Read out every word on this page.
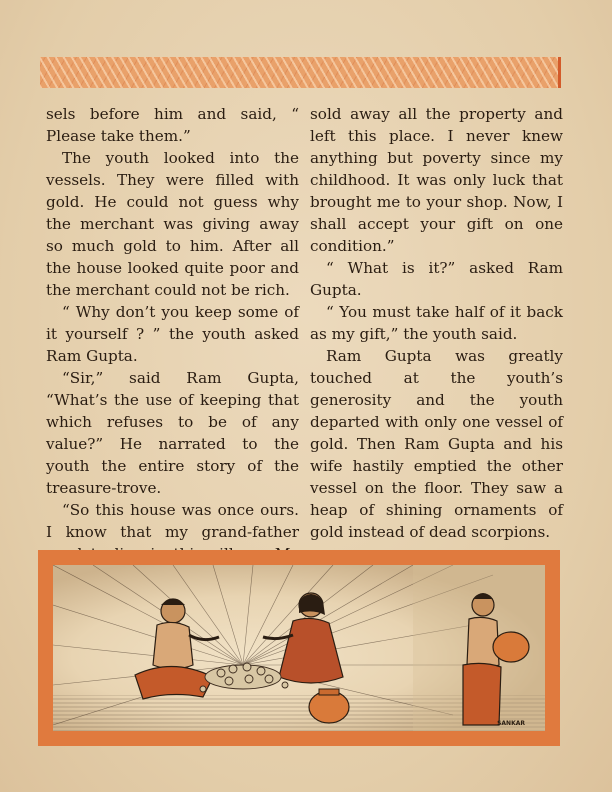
sels before him and said, “ Please take them.”

The youth looked into the vessels. They were filled with gold. He could not guess why the merchant was giving away so much gold to him. After all the house looked quite poor and the merchant could not be rich.

“ Why don’t you keep some of it yourself ? ” the youth asked Ram Gupta.

“Sir,” said Ram Gupta, “What’s the use of keeping that which refuses to be of any value?” He narrated to the youth the entire story of the treasure-trove.

“So this house was once ours. I know that my grand-father

sold away all the property and left this place. I never knew anything but poverty since my childhood. It was only luck that brought me to your shop. Now, I shall accept your gift on one condition.”

“ What is it?” asked Ram Gupta.

“ You must take half of it back as my gift,” the youth said.

Ram Gupta was greatly touched at the youth’s generosity and the youth departed with only one vessel of gold. Then Ram Gupta and his wife hastily emptied the other vessel on the floor. They saw a heap of shining ornaments of gold instead of dead scorpions.

SANKAR
